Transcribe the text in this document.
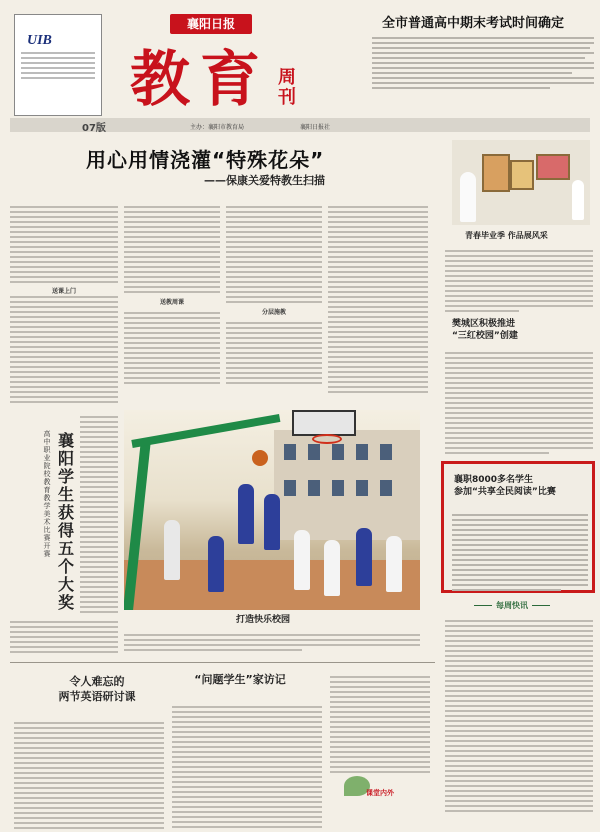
UIB
襄阳日报
教育 周刊
全市普通高中期末考试时间确定
07版	主办：襄阳市教育局	襄阳日报社
用心用情浇灌“特殊花朵”
——保康关爱特教生扫描
送教周课
分层施教
送课上门
襄阳学生获得五个大奖
高中职业院校教育教学美术比赛开赛
打造快乐校园
青春毕业季 作品展风采
樊城区积极推进
“三红校园”创建
襄职8000多名学生
参加“共享全民阅读”比赛
每周快讯
令人难忘的
两节英语研讨课
“问题学生”家访记
课堂内外
